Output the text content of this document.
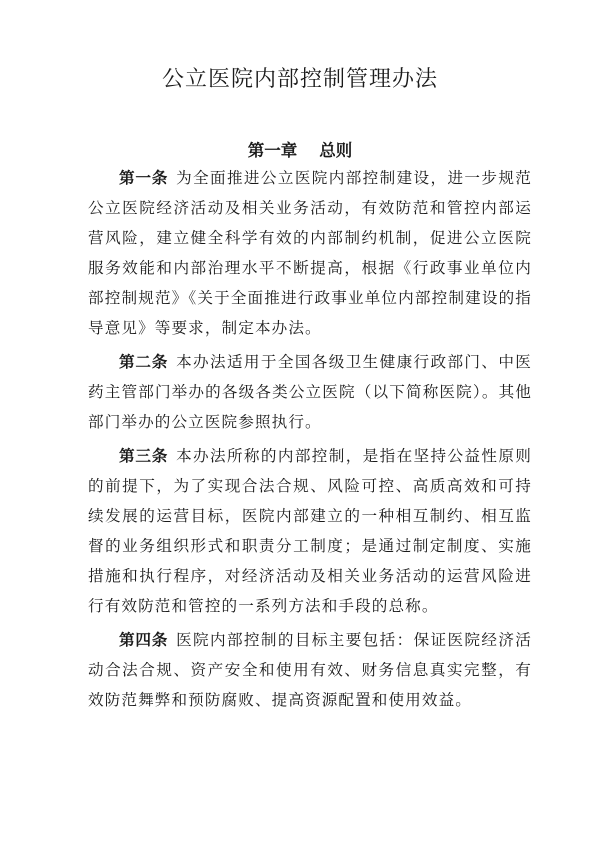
公立医院内部控制管理办法
第一章 总则

第一条 为全面推进公立医院内部控制建设，进一步规范公立医院经济活动及相关业务活动，有效防范和管控内部运营风险，建立健全科学有效的内部制约机制，促进公立医院服务效能和内部治理水平不断提高，根据《行政事业单位内部控制规范》《关于全面推进行政事业单位内部控制建设的指导意见》等要求，制定本办法。

第二条 本办法适用于全国各级卫生健康行政部门、中医药主管部门举办的各级各类公立医院（以下简称医院）。其他部门举办的公立医院参照执行。

第三条 本办法所称的内部控制，是指在坚持公益性原则的前提下，为了实现合法合规、风险可控、高质高效和可持续发展的运营目标，医院内部建立的一种相互制约、相互监督的业务组织形式和职责分工制度；是通过制定制度、实施措施和执行程序，对经济活动及相关业务活动的运营风险进行有效防范和管控的一系列方法和手段的总称。

第四条 医院内部控制的目标主要包括：保证医院经济活动合法合规、资产安全和使用有效、财务信息真实完整，有效防范舞弊和预防腐败、提高资源配置和使用效益。
